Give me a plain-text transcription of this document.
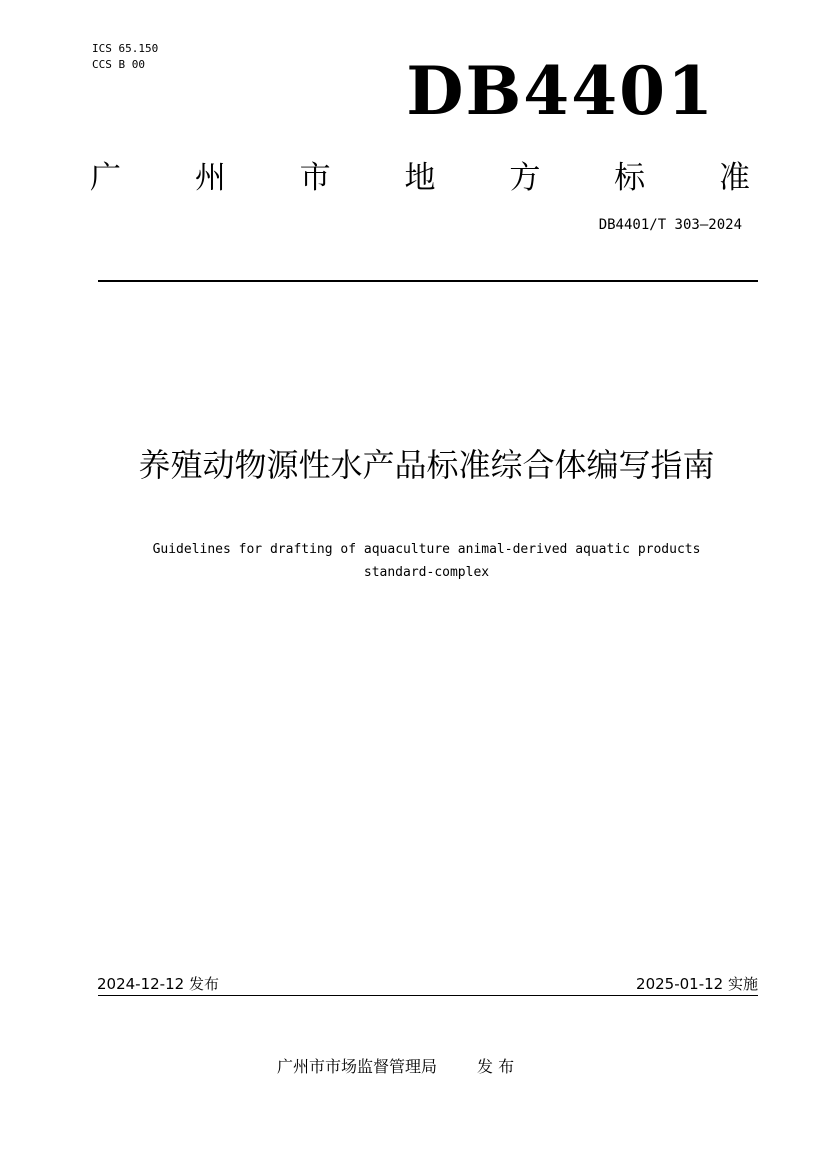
ICS 65.150
CCS B 00	DB4401
广 州 市 地 方 标 准
DB4401/T 303—2024
养殖动物源性水产品标准综合体编写指南
Guidelines for drafting of aquaculture animal-derived aquatic products
standard-complex
2024-12-12 发布	2025-01-12 实施
广州市市场监督管理局	发 布
